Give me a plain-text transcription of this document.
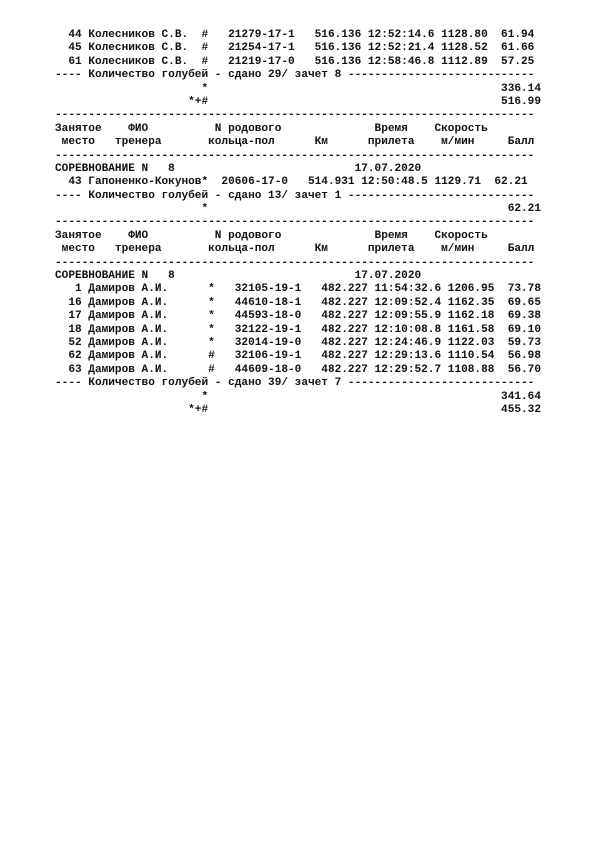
44 Колесников С.В.  #   21279-17-1   516.136 12:52:14.6 1128.80  61.94
45 Колесников С.В.  #   21254-17-1   516.136 12:52:21.4 1128.52  61.66
61 Колесников С.В.  #   21219-17-0   516.136 12:58:46.8 1112.89  57.25
---- Количество голубей - сдано 29/ зачет 8 ----------------------------
*                                            336.14
*+#                                            516.99
------------------------------------------------------------------------
Занятое    ФИО          N родового              Время    Скорость
место   тренера       кольца-пол      Км      прилета    м/мин     Балл
------------------------------------------------------------------------
СОРЕВНОВАНИЕ N   8                           17.07.2020
43 Гапоненко-Кокунов*  20606-17-0   514.931 12:50:48.5 1129.71  62.21
---- Количество голубей - сдано 13/ зачет 1 ----------------------------
*                                             62.21
------------------------------------------------------------------------
Занятое    ФИО          N родового              Время    Скорость
место   тренера       кольца-пол      Км      прилета    м/мин     Балл
------------------------------------------------------------------------
СОРЕВНОВАНИЕ N   8                           17.07.2020
1 Дамиров А.И.      *   32105-19-1   482.227 11:54:32.6 1206.95  73.78
16 Дамиров А.И.      *   44610-18-1   482.227 12:09:52.4 1162.35  69.65
17 Дамиров А.И.      *   44593-18-0   482.227 12:09:55.9 1162.18  69.38
18 Дамиров А.И.      *   32122-19-1   482.227 12:10:08.8 1161.58  69.10
52 Дамиров А.И.      *   32014-19-0   482.227 12:24:46.9 1122.03  59.73
62 Дамиров А.И.      #   32106-19-1   482.227 12:29:13.6 1110.54  56.98
63 Дамиров А.И.      #   44609-18-0   482.227 12:29:52.7 1108.88  56.70
---- Количество голубей - сдано 39/ зачет 7 ----------------------------
*                                            341.64
*+#                                            455.32
